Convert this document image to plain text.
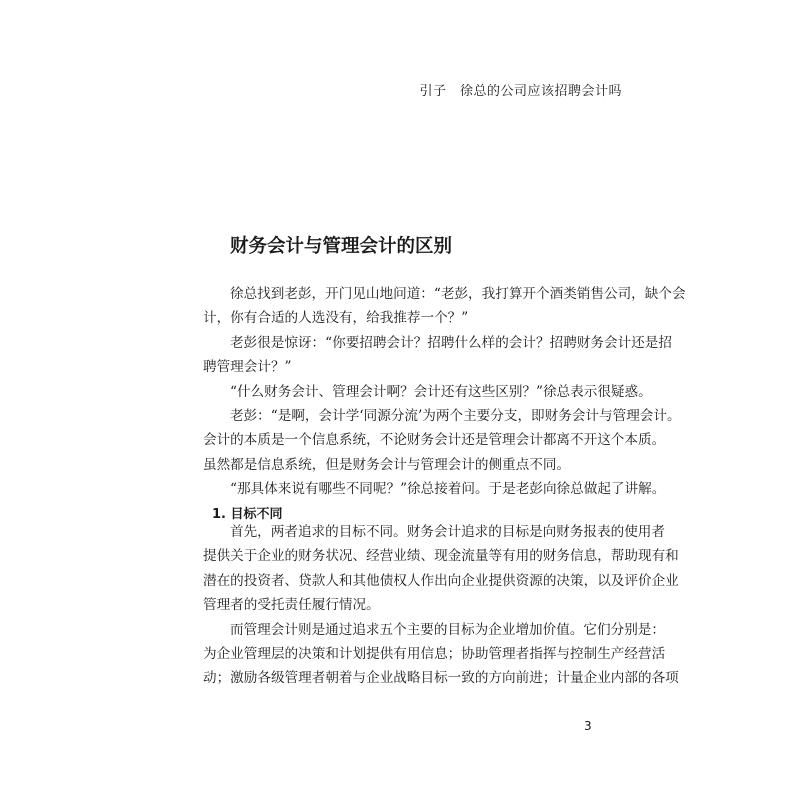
引子　徐总的公司应该招聘会计吗
财务会计与管理会计的区别
徐总找到老彭，开门见山地问道：“老彭，我打算开个酒类销售公司，缺个会
计，你有合适的人选没有，给我推荐一个？”
老彭很是惊讶：“你要招聘会计？招聘什么样的会计？招聘财务会计还是招
聘管理会计？”
“什么财务会计、管理会计啊？会计还有这些区别？”徐总表示很疑惑。
老彭：“是啊，会计学‘同源分流’为两个主要分支，即财务会计与管理会计。
会计的本质是一个信息系统，不论财务会计还是管理会计都离不开这个本质。
虽然都是信息系统，但是财务会计与管理会计的侧重点不同。
“那具体来说有哪些不同呢？”徐总接着问。于是老彭向徐总做起了讲解。
1. 目标不同
首先，两者追求的目标不同。财务会计追求的目标是向财务报表的使用者
提供关于企业的财务状况、经营业绩、现金流量等有用的财务信息，帮助现有和
潜在的投资者、贷款人和其他债权人作出向企业提供资源的决策，以及评价企业
管理者的受托责任履行情况。
而管理会计则是通过追求五个主要的目标为企业增加价值。它们分别是：
为企业管理层的决策和计划提供有用信息；协助管理者指挥与控制生产经营活
动；激励各级管理者朝着与企业战略目标一致的方向前进；计量企业内部的各项
3
